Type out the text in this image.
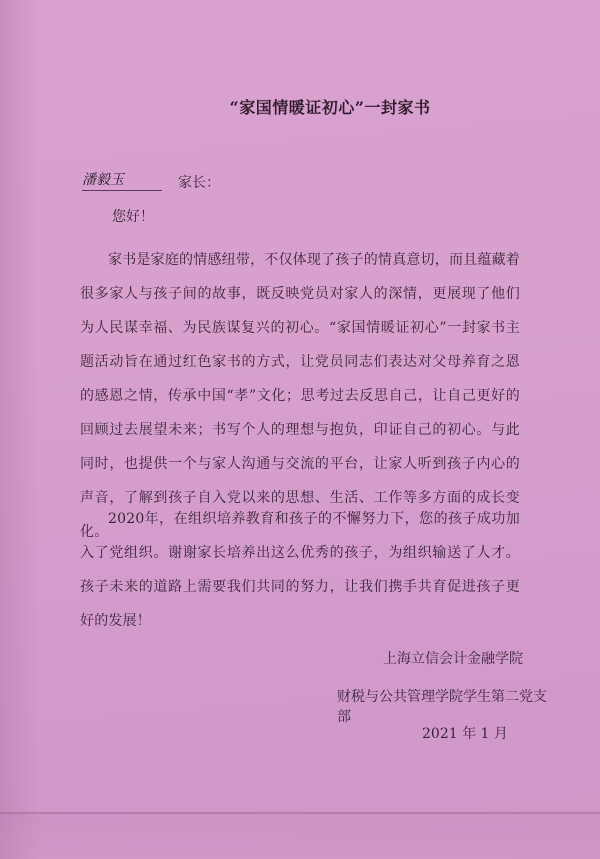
“家国情暖证初心”一封家书
潘毅玉	家长：
您好！
家书是家庭的情感纽带，不仅体现了孩子的情真意切，而且蕴藏着很多家人与孩子间的故事，既反映党员对家人的深情，更展现了他们为人民谋幸福、为民族谋复兴的初心。“家国情暖证初心”一封家书主题活动旨在通过红色家书的方式，让党员同志们表达对父母养育之恩的感恩之情，传承中国“孝”文化；思考过去反思自己，让自己更好的回顾过去展望未来；书写个人的理想与抱负，印证自己的初心。与此同时，也提供一个与家人沟通与交流的平台，让家人听到孩子内心的声音，了解到孩子自入党以来的思想、生活、工作等多方面的成长变化。
2020年，在组织培养教育和孩子的不懈努力下，您的孩子成功加入了党组织。谢谢家长培养出这么优秀的孩子，为组织输送了人才。孩子未来的道路上需要我们共同的努力，让我们携手共育促进孩子更好的发展！
上海立信会计金融学院
财税与公共管理学院学生第二党支部
2021 年 1 月
